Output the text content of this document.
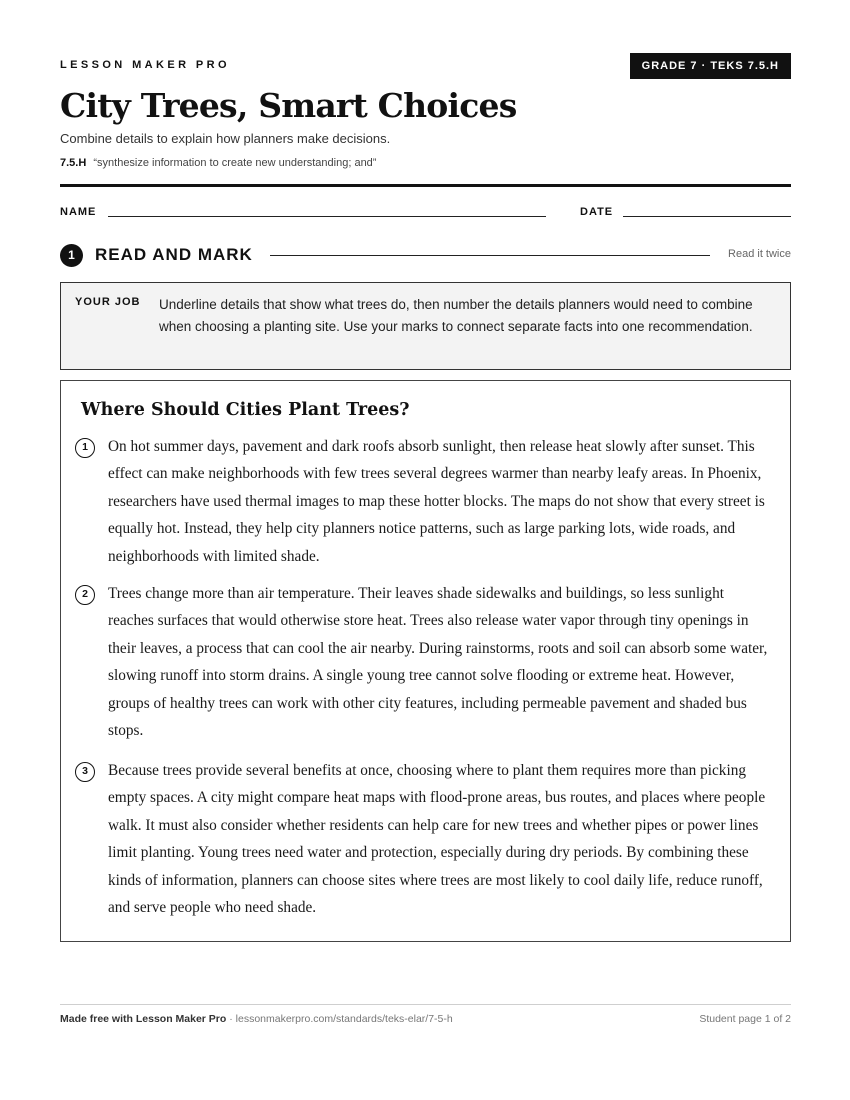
LESSON MAKER PRO	GRADE 7 · TEKS 7.5.H
City Trees, Smart Choices
Combine details to explain how planners make decisions.
7.5.H “synthesize information to create new understanding; and”
NAME	DATE
1	READ AND MARK	Read it twice
YOUR JOB Underline details that show what trees do, then number the details planners would need to combine when choosing a planting site. Use your marks to connect separate facts into one recommendation.
Where Should Cities Plant Trees?
1	On hot summer days, pavement and dark roofs absorb sunlight, then release heat slowly after sunset. This effect can make neighborhoods with few trees several degrees warmer than nearby leafy areas. In Phoenix, researchers have used thermal images to map these hotter blocks. The maps do not show that every street is equally hot. Instead, they help city planners notice patterns, such as large parking lots, wide roads, and neighborhoods with limited shade.

2	Trees change more than air temperature. Their leaves shade sidewalks and buildings, so less sunlight reaches surfaces that would otherwise store heat. Trees also release water vapor through tiny openings in their leaves, a process that can cool the air nearby. During rainstorms, roots and soil can absorb some water, slowing runoff into storm drains. A single young tree cannot solve flooding or extreme heat. However, groups of healthy trees can work with other city features, including permeable pavement and shaded bus stops.

3	Because trees provide several benefits at once, choosing where to plant them requires more than picking empty spaces. A city might compare heat maps with flood-prone areas, bus routes, and places where people walk. It must also consider whether residents can help care for new trees and whether pipes or power lines limit planting. Young trees need water and protection, especially during dry periods. By combining these kinds of information, planners can choose sites where trees are most likely to cool daily life, reduce runoff, and serve people who need shade.

Made free with Lesson Maker Pro · lessonmakerpro.com/standards/teks-elar/7-5-h	Student page 1 of 2
